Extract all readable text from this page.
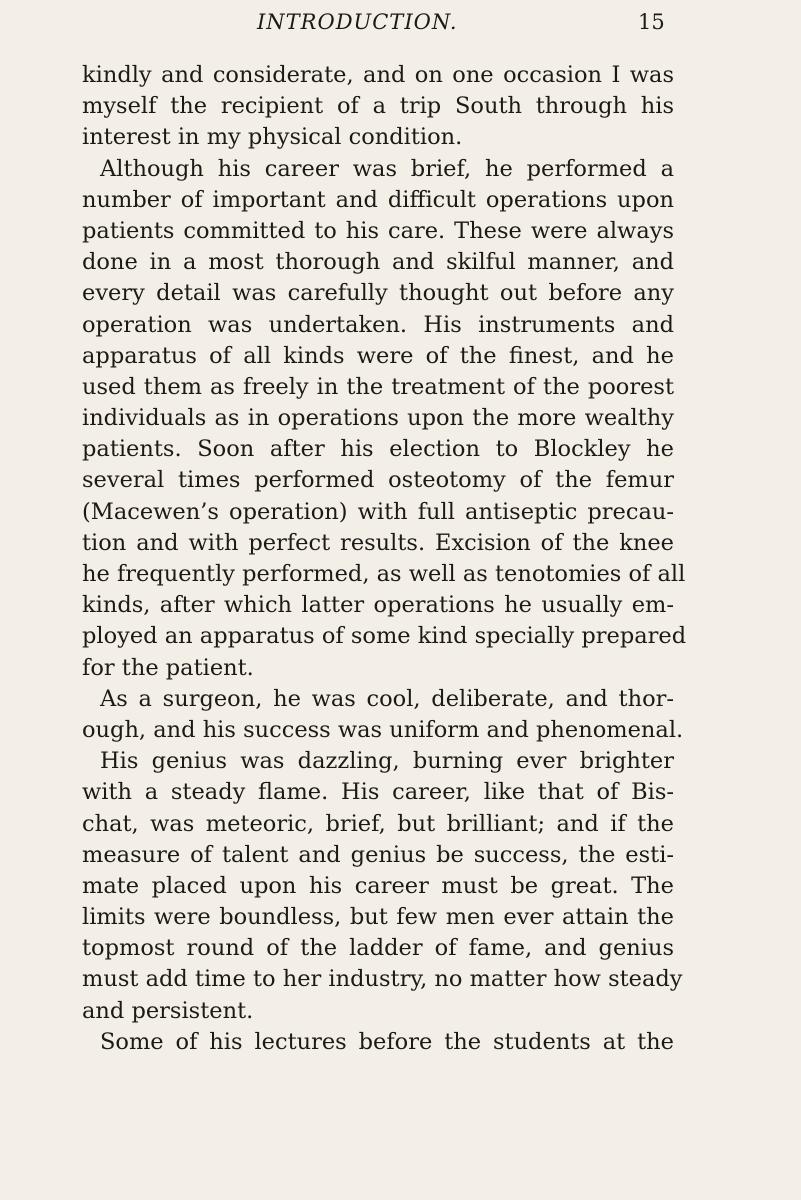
INTRODUCTION.	15
kindly and considerate, and on one occasion I was
myself the recipient of a trip South through his
interest in my physical condition.
Although his career was brief, he performed a
number of important and difficult operations upon
patients committed to his care. These were always
done in a most thorough and skilful manner, and
every detail was carefully thought out before any
operation was undertaken. His instruments and
apparatus of all kinds were of the finest, and he
used them as freely in the treatment of the poorest
individuals as in operations upon the more wealthy
patients. Soon after his election to Blockley he
several times performed osteotomy of the femur
(Macewen’s operation) with full antiseptic precau-
tion and with perfect results. Excision of the knee
he frequently performed, as well as tenotomies of all
kinds, after which latter operations he usually em-
ployed an apparatus of some kind specially prepared
for the patient.
As a surgeon, he was cool, deliberate, and thor-
ough, and his success was uniform and phenomenal.
His genius was dazzling, burning ever brighter
with a steady flame. His career, like that of Bis-
chat, was meteoric, brief, but brilliant; and if the
measure of talent and genius be success, the esti-
mate placed upon his career must be great. The
limits were boundless, but few men ever attain the
topmost round of the ladder of fame, and genius
must add time to her industry, no matter how steady
and persistent.
Some of his lectures before the students at the
